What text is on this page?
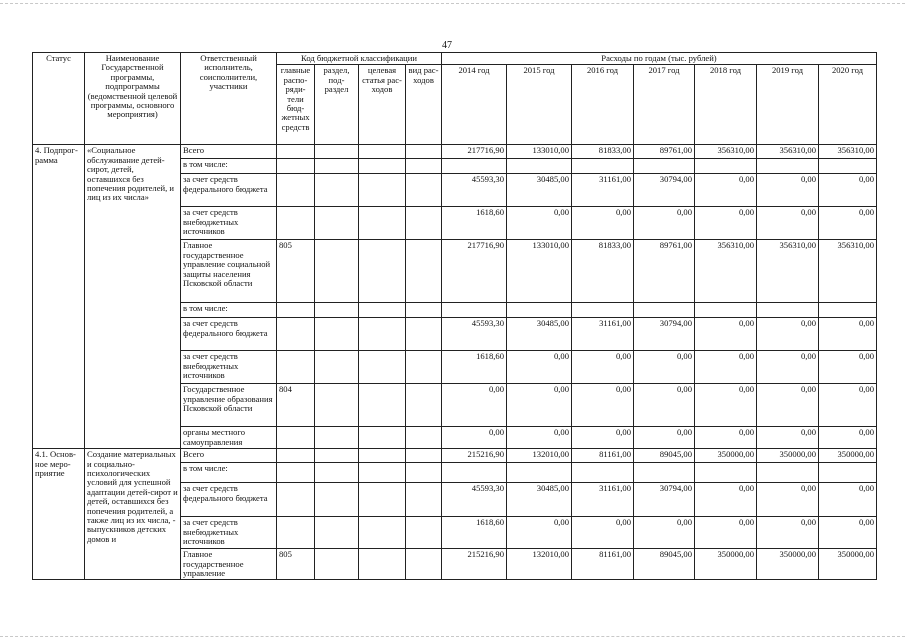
47
Статус	Наименование Государственной программы, подпрограммы (ведомственной целевой программы, основного мероприятия)	Ответственный исполнитель, соисполнители, участники	Код бюджетной классификации				Расходы по годам (тыс. рублей)						
			главные распо-ряди-тели бюд-жетных средств	раздел, под-раздел	целевая статья рас-ходов	вид рас-ходов	2014 год	2015 год	2016 год	2017 год	2018 год	2019 год	2020 год
4. Подпрог-рамма	«Социальное обслуживание детей-сирот, детей, оставшихся без попечения родителей, и лиц из их числа»	Всего					217716,90	133010,00	81833,00	89761,00	356310,00	356310,00	356310,00
		в том числе:											
		за счет средств федерального бюджета					45593,30	30485,00	31161,00	30794,00	0,00	0,00	0,00
		за счет средств внебюджетных источников					1618,60	0,00	0,00	0,00	0,00	0,00	0,00
		Главное государственное управление социальной защиты населения Псковской области	805				217716,90	133010,00	81833,00	89761,00	356310,00	356310,00	356310,00
		в том числе:											
		за счет средств федерального бюджета					45593,30	30485,00	31161,00	30794,00	0,00	0,00	0,00
		за счет средств внебюджетных источников					1618,60	0,00	0,00	0,00	0,00	0,00	0,00
		Государственное управление образования Псковской области	804				0,00	0,00	0,00	0,00	0,00	0,00	0,00
		органы местного самоуправления					0,00	0,00	0,00	0,00	0,00	0,00	0,00
4.1. Основ-ное меро-приятие	Создание материальных и социально-психологических условий для успешной адаптации детей-сирот и детей, оставшихся без попечения родителей, а также лиц из их числа, - выпускников детских домов и	Всего					215216,90	132010,00	81161,00	89045,00	350000,00	350000,00	350000,00
		в том числе:											
		за счет средств федерального бюджета					45593,30	30485,00	31161,00	30794,00	0,00	0,00	0,00
		за счет средств внебюджетных источников					1618,60	0,00	0,00	0,00	0,00	0,00	0,00
		Главное государственное управление	805				215216,90	132010,00	81161,00	89045,00	350000,00	350000,00	350000,00
